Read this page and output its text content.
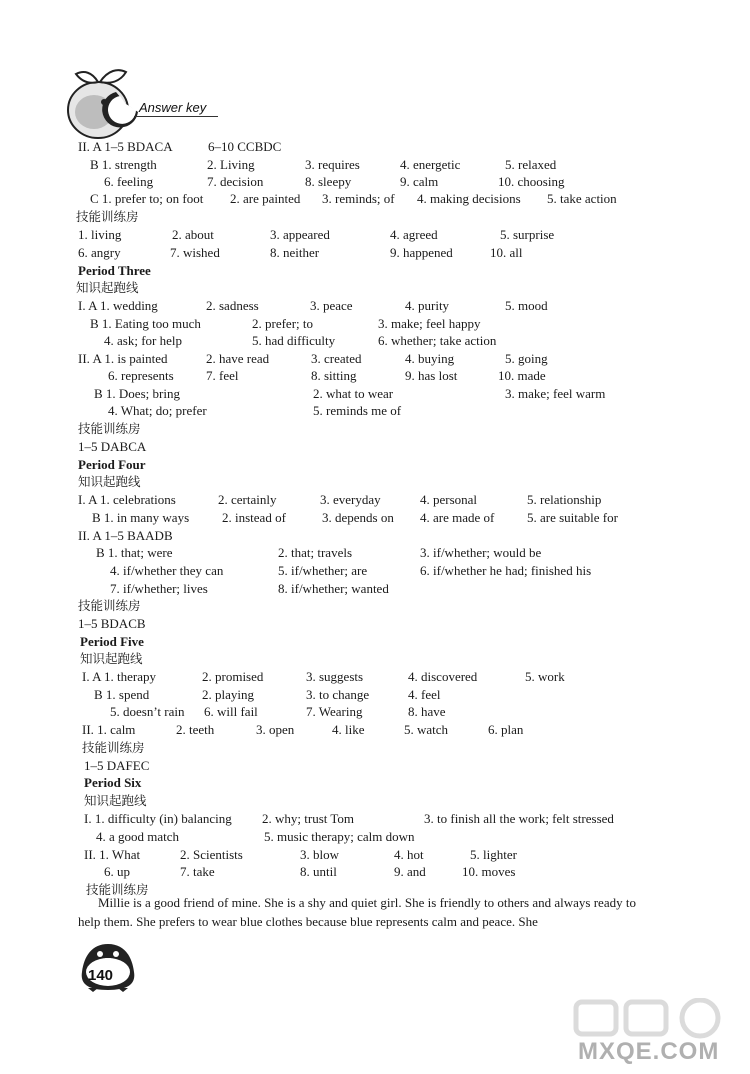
Answer key
II. A 1–5 BDACA	6–10 CCBDC
B 1. strength	2. Living	3. requires	4. energetic	5. relaxed
6. feeling	7. decision	8. sleepy	9. calm	10. choosing
C 1. prefer to; on foot 2. are painted 3. reminds; of 4. making decisions 5. take action
技能训练房
1. living	2. about	3. appeared	4. agreed	5. surprise
6. angry	7. wished	8. neither	9. happened	10. all
Period Three
知识起跑线
I. A 1. wedding	2. sadness	3. peace	4. purity	5. mood
B 1. Eating too much	2. prefer; to	3. make; feel happy
4. ask; for help	5. had difficulty	6. whether; take action
II. A 1. is painted	2. have read	3. created	4. buying	5. going
6. represents 7. feel	8. sitting	9. has lost	10. made
B 1. Does; bring	2. what to wear	3. make; feel warm
4. What; do; prefer	5. reminds me of
技能训练房
1–5 DABCA
Period Four
知识起跑线
I. A 1. celebrations	2. certainly	3. everyday	4. personal	5. relationship
B 1. in many ways	2. instead of	3. depends on 4. are made of	5. are suitable for
II. A 1–5 BAADB
B 1. that; were	2. that; travels	3. if/whether; would be
4. if/whether they can	5. if/whether; are	6. if/whether he had; finished his
7. if/whether; lives	8. if/whether; wanted
技能训练房
1–5 BDACB
Period Five
知识起跑线
I. A 1. therapy	2. promised	3. suggests	4. discovered	5. work
B 1. spend	2. playing	3. to change	4. feel
5. doesn’t rain 6. will fail	7. Wearing	8. have
II. 1. calm	2. teeth	3. open	4. like	5. watch	6. plan
技能训练房
1–5 DAFEC
Period Six
知识起跑线
I. 1. difficulty (in) balancing 2. why; trust Tom	3. to finish all the work; felt stressed
4. a good match	5. music therapy; calm down
II. 1. What	2. Scientists	3. blow	4. hot	5. lighter
6. up	7. take	8. until	9. and	10. moves
技能训练房
Millie is a good friend of mine. She is a shy and quiet girl. She is friendly to others and always ready to help them. She prefers to wear blue clothes because blue represents calm and peace. She
140
MXQE.COM
